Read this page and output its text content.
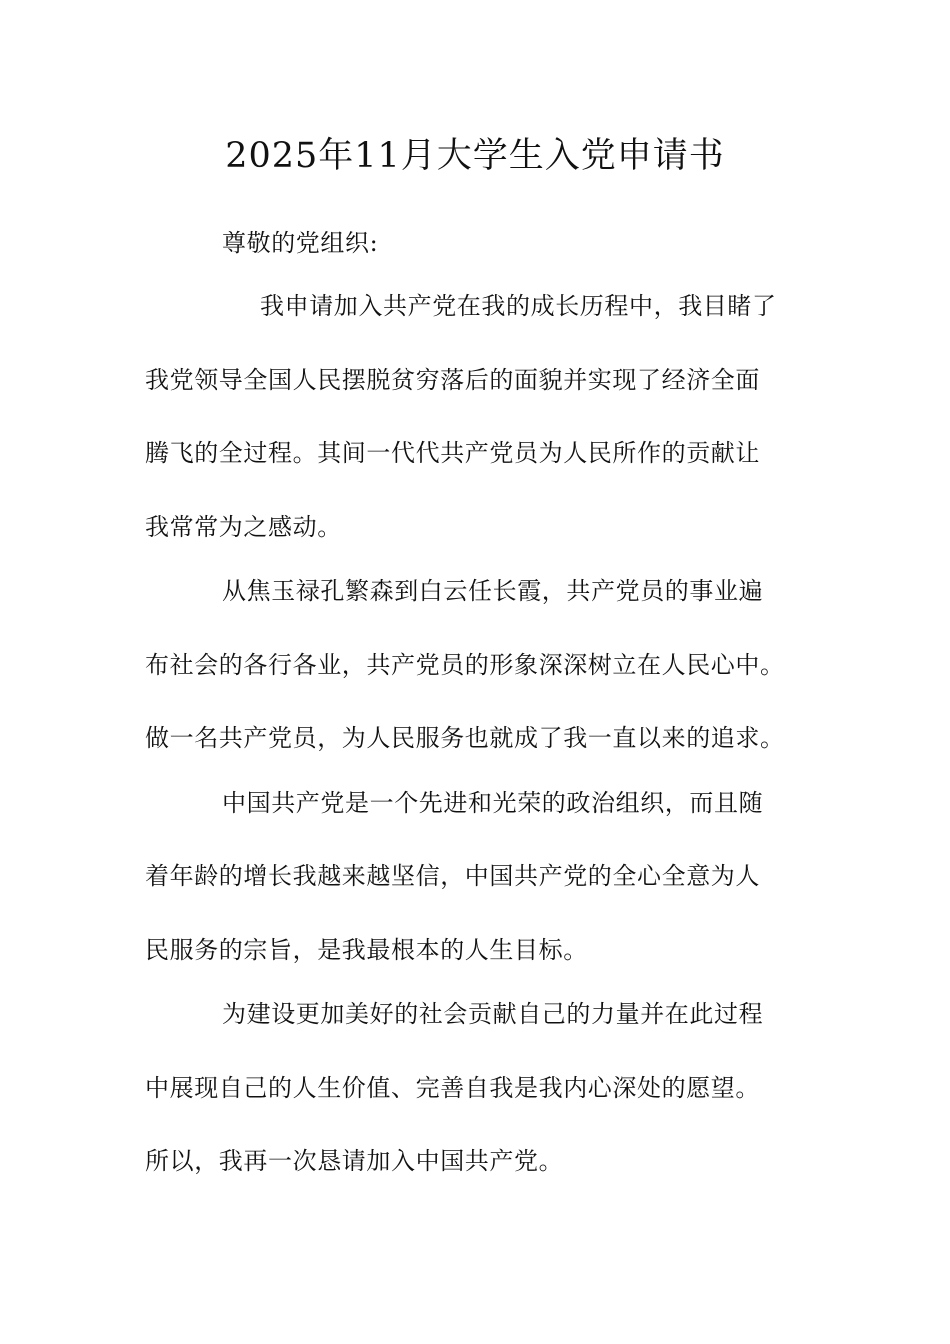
2025年11月大学生入党申请书
尊敬的党组织:
我申请加入共产党在我的成长历程中，我目睹了
我党领导全国人民摆脱贫穷落后的面貌并实现了经济全面
腾飞的全过程。其间一代代共产党员为人民所作的贡献让
我常常为之感动。
从焦玉禄孔繁森到白云任长霞，共产党员的事业遍
布社会的各行各业，共产党员的形象深深树立在人民心中。
做一名共产党员，为人民服务也就成了我一直以来的追求。
中国共产党是一个先进和光荣的政治组织，而且随
着年龄的增长我越来越坚信，中国共产党的全心全意为人
民服务的宗旨，是我最根本的人生目标。
为建设更加美好的社会贡献自己的力量并在此过程
中展现自己的人生价值、完善自我是我内心深处的愿望。
所以，我再一次恳请加入中国共产党。
